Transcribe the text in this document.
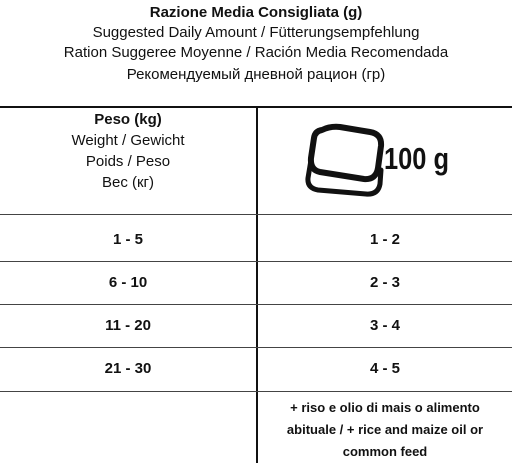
Razione Media Consigliata (g)
Suggested Daily Amount / Fütterungsempfehlung
Ration Suggeree Moyenne / Ración Media Recomendada
Рекомендуемый дневной рацион (гр)
Peso (kg)
Weight / Gewicht
Poids / Peso
Вес (кг)
100 g
1 - 5	1 - 2
6 - 10	2 - 3
11 - 20	3 - 4
21 - 30	4 - 5
+ riso e olio di mais o alimento
abituale / + rice and maize oil or
common feed
